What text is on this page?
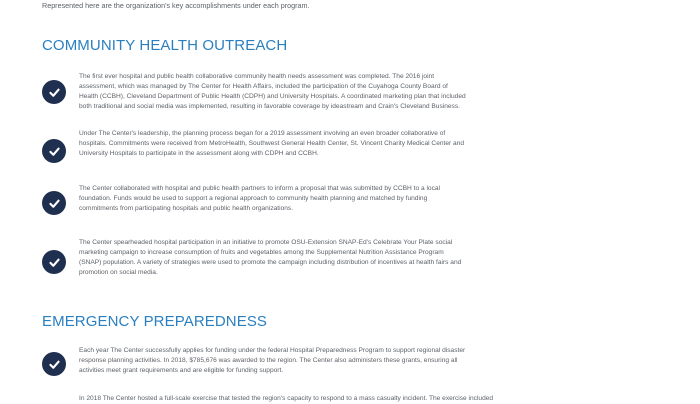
Represented here are the organization's key accomplishments under each program.
COMMUNITY HEALTH OUTREACH
The first ever hospital and public health collaborative community health needs assessment was completed. The 2016 joint
assessment, which was managed by The Center for Health Affairs, included the participation of the Cuyahoga County Board of
Health (CCBH), Cleveland Department of Public Health (CDPH) and University Hospitals. A coordinated marketing plan that included
both traditional and social media was implemented, resulting in favorable coverage by ideastream and Crain's Cleveland Business.
Under The Center's leadership, the planning process began for a 2019 assessment involving an even broader collaborative of
hospitals. Commitments were received from MetroHealth, Southwest General Health Center, St. Vincent Charity Medical Center and
University Hospitals to participate in the assessment along with CDPH and CCBH.
The Center collaborated with hospital and public health partners to inform a proposal that was submitted by CCBH to a local
foundation. Funds would be used to support a regional approach to community health planning and matched by funding
commitments from participating hospitals and public health organizations.
The Center spearheaded hospital participation in an initiative to promote OSU-Extension SNAP-Ed's Celebrate Your Plate social
marketing campaign to increase consumption of fruits and vegetables among the Supplemental Nutrition Assistance Program
(SNAP) population. A variety of strategies were used to promote the campaign including distribution of incentives at health fairs and
promotion on social media.
EMERGENCY PREPAREDNESS
Each year The Center successfully applies for funding under the federal Hospital Preparedness Program to support regional disaster
response planning activities. In 2018, $785,676 was awarded to the region. The Center also administers these grants, ensuring all
activities meet grant requirements and are eligible for funding support.
In 2018 The Center hosted a full-scale exercise that tested the region's capacity to respond to a mass casualty incident. The exercise included
